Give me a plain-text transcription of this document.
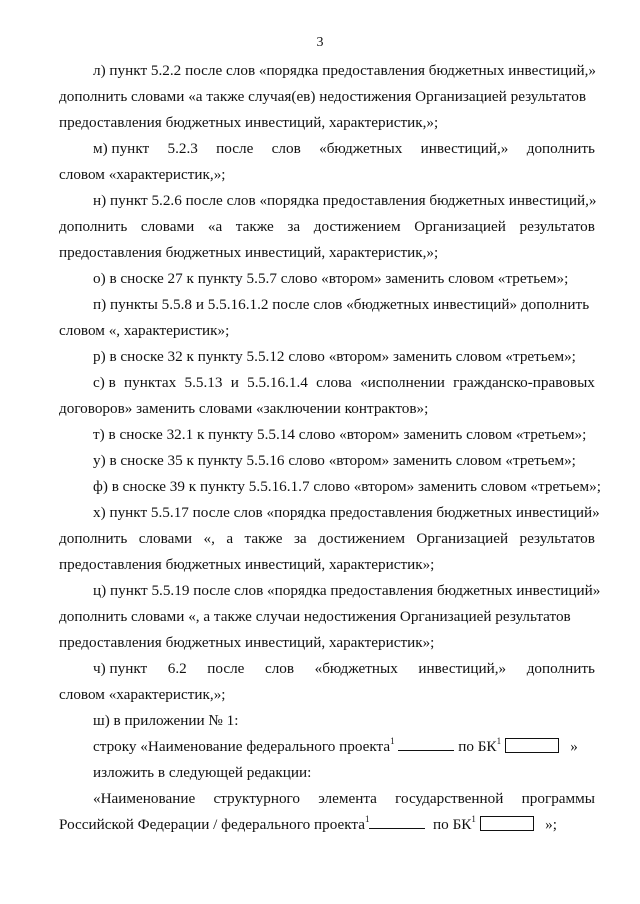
3
л) пункт 5.2.2 после слов «порядка предоставления бюджетных инвестиций,»
дополнить словами «а также случая(ев) недостижения Организацией результатов
предоставления бюджетных инвестиций, характеристик,»;
м) пункт 5.2.3 после слов «бюджетных инвестиций,» дополнить
словом «характеристик,»;
н) пункт 5.2.6 после слов «порядка предоставления бюджетных инвестиций,»
дополнить словами «а также за достижением Организацией результатов
предоставления бюджетных инвестиций, характеристик,»;
о) в сноске 27 к пункту 5.5.7 слово «втором» заменить словом «третьем»;
п) пункты 5.5.8 и 5.5.16.1.2 после слов «бюджетных инвестиций» дополнить
словом «, характеристик»;
р) в сноске 32 к пункту 5.5.12 слово «втором» заменить словом «третьем»;
с) в пунктах 5.5.13 и 5.5.16.1.4 слова «исполнении гражданско-правовых
договоров» заменить словами «заключении контрактов»;
т) в сноске 32.1 к пункту 5.5.14 слово «втором» заменить словом «третьем»;
у) в сноске 35 к пункту 5.5.16 слово «втором» заменить словом «третьем»;
ф) в сноске 39 к пункту 5.5.16.1.7 слово «втором» заменить словом «третьем»;
х) пункт 5.5.17 после слов «порядка предоставления бюджетных инвестиций»
дополнить словами «, а также за достижением Организацией результатов
предоставления бюджетных инвестиций, характеристик»;
ц) пункт 5.5.19 после слов «порядка предоставления бюджетных инвестиций»
дополнить словами «, а также случаи недостижения Организацией результатов
предоставления бюджетных инвестиций, характеристик»;
ч) пункт 6.2 после слов «бюджетных инвестиций,» дополнить
словом «характеристик,»;
ш) в приложении № 1:
строку «Наименование федерального проекта$^1$	по $БК^1$	»
изложить в следующей редакции:
«Наименование структурного элемента государственной программы
Российской Федерации / федерального проекта$^1$	по $БК^1$	»;
